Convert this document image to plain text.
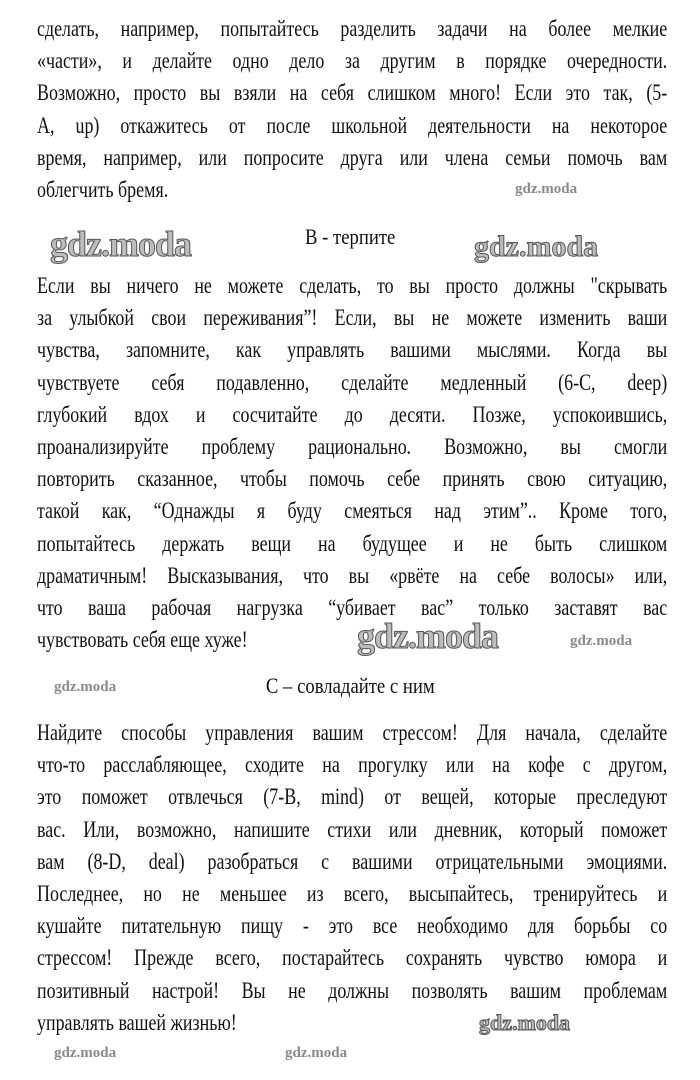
сделать, например, попытайтесь разделить задачи на более мелкие
«части», и делайте одно дело за другим в порядке очередности.
Возможно, просто вы взяли на себя слишком много! Если это так, (5-
A, up) откажитесь от после школьной деятельности на некоторое
время, например, или попросите друга или члена семьи помочь вам
облегчить бремя.
Если вы ничего не можете сделать, то вы просто должны "скрывать
за улыбкой свои переживания”! Если, вы не можете изменить ваши
чувства, запомните, как управлять вашими мыслями. Когда вы
чувствуете себя подавленно, сделайте медленный (6-C, deep)
глубокий вдох и сосчитайте до десяти. Позже, успокоившись,
проанализируйте проблему рационально. Возможно, вы смогли
повторить сказанное, чтобы помочь себе принять свою ситуацию,
такой как, “Однажды я буду смеяться над этим”.. Кроме того,
попытайтесь держать вещи на будущее и не быть слишком
драматичным! Высказывания, что вы «рвёте на себе волосы» или,
что ваша рабочая нагрузка “убивает вас” только заставят вас
чувствовать себя еще хуже!
Найдите способы управления вашим стрессом! Для начала, сделайте
что-то расслабляющее, сходите на прогулку или на кофе с другом,
это поможет отвлечься (7-B, mind) от вещей, которые преследуют
вас. Или, возможно, напишите стихи или дневник, который поможет
вам (8-D, deal) разобраться с вашими отрицательными эмоциями.
Последнее, но не меньшее из всего, высыпайтесь, тренируйтесь и
кушайте питательную пищу - это все необходимо для борьбы со
стрессом! Прежде всего, постарайтесь сохранять чувство юмора и
позитивный настрой! Вы не должны позволять вашим проблемам
управлять вашей жизнью!
gdz.moda
gdz.moda	gdz.moda
gdz.moda
gdz.moda
gdz.moda
gdz.moda
gdz.moda
gdz.moda
B - терпите
C – совладайте с ним
